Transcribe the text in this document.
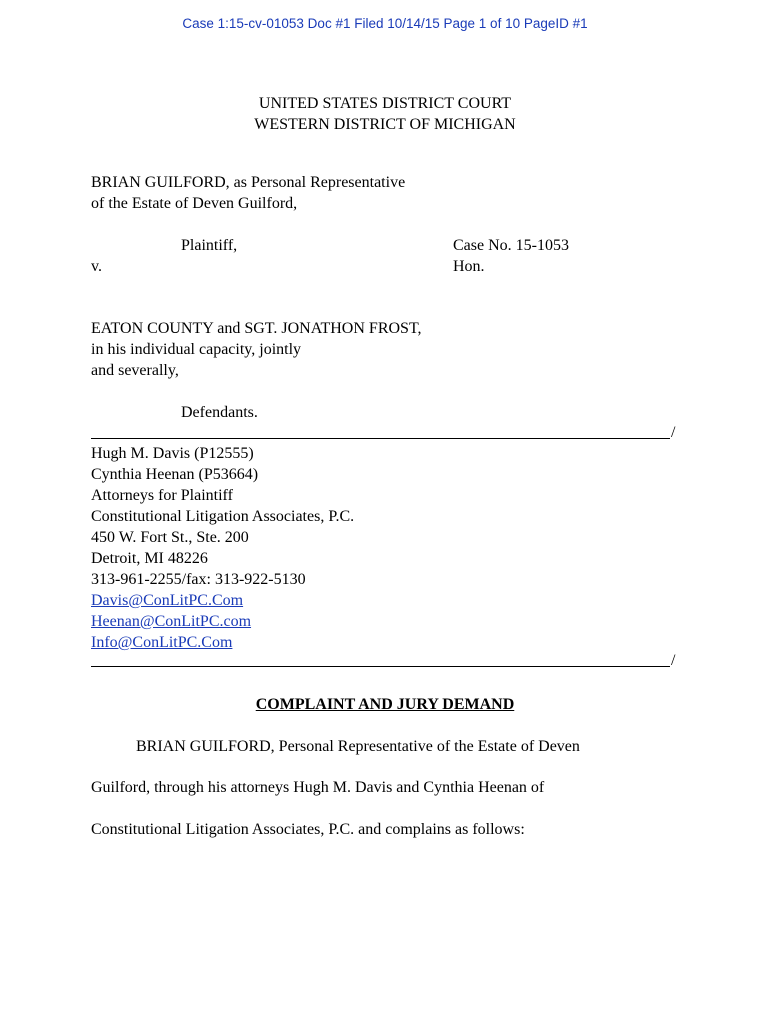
Case 1:15-cv-01053 Doc #1 Filed 10/14/15 Page 1 of 10 PageID #1
UNITED STATES DISTRICT COURT
WESTERN DISTRICT OF MICHIGAN
BRIAN GUILFORD, as Personal Representative
of the Estate of Deven Guilford,
Plaintiff,	Case No. 15-1053
v.	Hon.
EATON COUNTY and SGT. JONATHON FROST,
in his individual capacity, jointly
and severally,
Defendants.
/
Hugh M. Davis (P12555)
Cynthia Heenan (P53664)
Attorneys for Plaintiff
Constitutional Litigation Associates, P.C.
450 W. Fort St., Ste. 200
Detroit, MI 48226
313-961-2255/fax: 313-922-5130
Davis@ConLitPC.Com
Heenan@ConLitPC.com
Info@ConLitPC.Com
/
COMPLAINT AND JURY DEMAND
BRIAN GUILFORD, Personal Representative of the Estate of Deven
Guilford, through his attorneys Hugh M. Davis and Cynthia Heenan of
Constitutional Litigation Associates, P.C. and complains as follows:
